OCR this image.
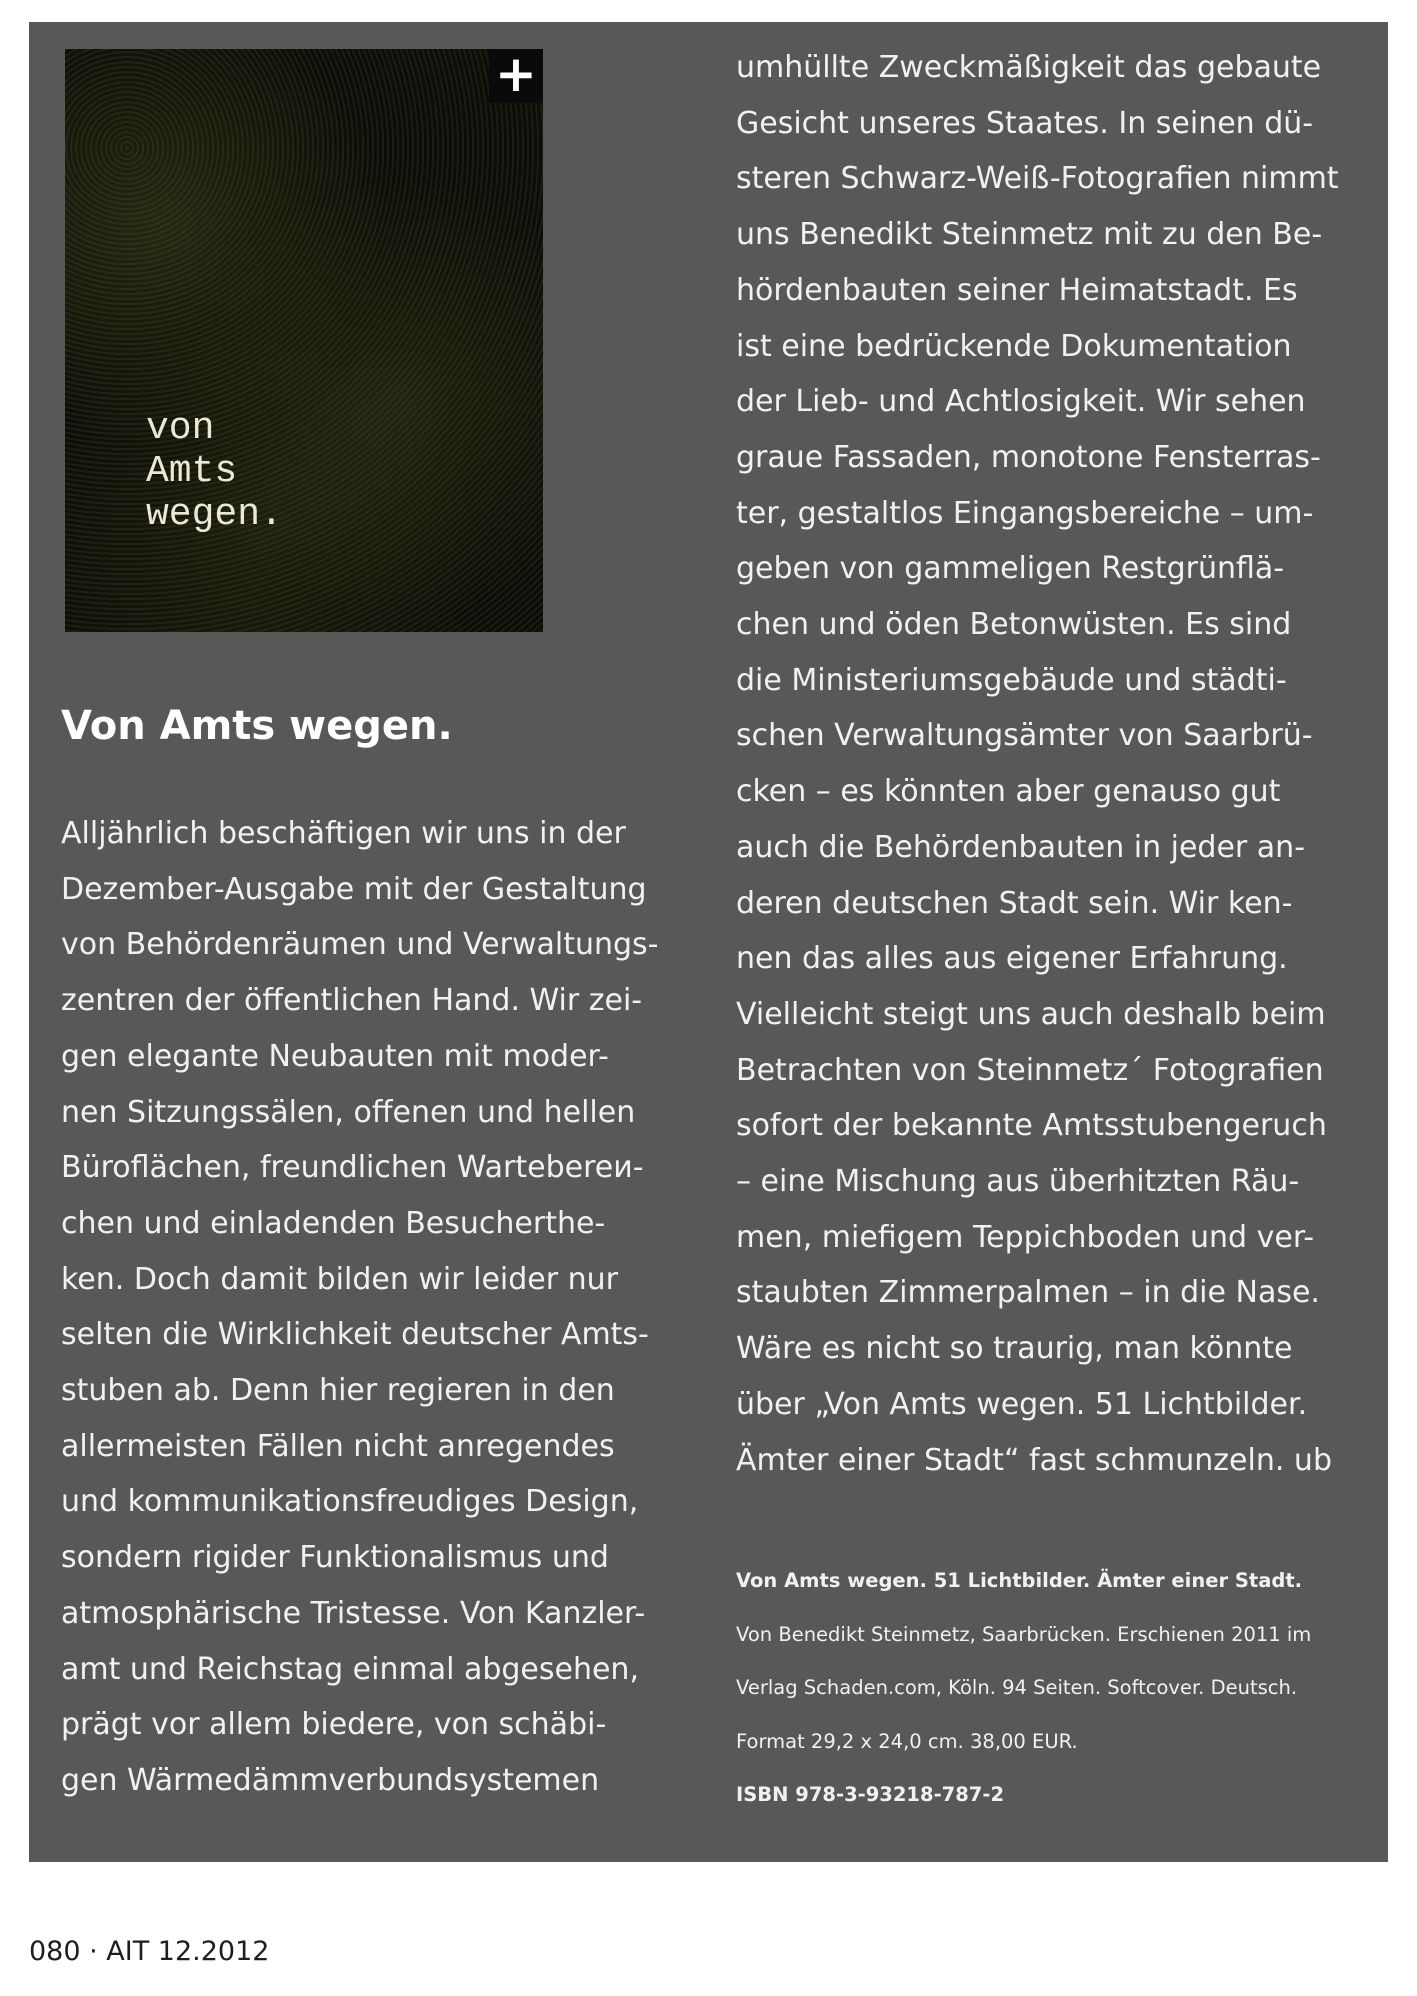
+

von
Amts
wegen.

Von Amts wegen.
Alljährlich beschäftigen wir uns in der
Dezember-Ausgabe mit der Gestaltung
von Behördenräumen und Verwaltungs-
zentren der öffentlichen Hand. Wir zei-
gen elegante Neubauten mit moder-
nen Sitzungssälen, offenen und hellen
Büroflächen, freundlichen Wartebereи-
chen und einladenden Besucherthe-
ken. Doch damit bilden wir leider nur
selten die Wirklichkeit deutscher Amts-
stuben ab. Denn hier regieren in den
allermeisten Fällen nicht anregendes
und kommunikationsfreudiges Design,
sondern rigider Funktionalismus und
atmosphärische Tristesse. Von Kanzler-
amt und Reichstag einmal abgesehen,
prägt vor allem biedere, von schäbi-
gen Wärmedämmverbundsystemen
umhüllte Zweckmäßigkeit das gebaute
Gesicht unseres Staates. In seinen dü-
steren Schwarz-Weiß-Fotografien nimmt
uns Benedikt Steinmetz mit zu den Be-
hördenbauten seiner Heimatstadt. Es
ist eine bedrückende Dokumentation
der Lieb- und Achtlosigkeit. Wir sehen
graue Fassaden, monotone Fensterras-
ter, gestaltlos Eingangsbereiche – um-
geben von gammeligen Restgrünflä-
chen und öden Betonwüsten. Es sind
die Ministeriumsgebäude und städti-
schen Verwaltungsämter von Saarbrü-
cken – es könnten aber genauso gut
auch die Behördenbauten in jeder an-
deren deutschen Stadt sein. Wir ken-
nen das alles aus eigener Erfahrung.
Vielleicht steigt uns auch deshalb beim
Betrachten von Steinmetz´ Fotografien
sofort der bekannte Amtsstubengeruch
– eine Mischung aus überhitzten Räu-
men, miefigem Teppichboden und ver-
staubten Zimmerpalmen – in die Nase.
Wäre es nicht so traurig, man könnte
über „Von Amts wegen. 51 Lichtbilder.
Ämter einer Stadt“ fast schmunzeln. ub
Von Amts wegen. 51 Lichtbilder. Ämter einer Stadt.
Von Benedikt Steinmetz, Saarbrücken. Erschienen 2011 im
Verlag Schaden.com, Köln. 94 Seiten. Softcover. Deutsch.
Format 29,2 x 24,0 cm. 38,00 EUR.
ISBN 978-3-93218-787-2
080 · AIT 12.2012
